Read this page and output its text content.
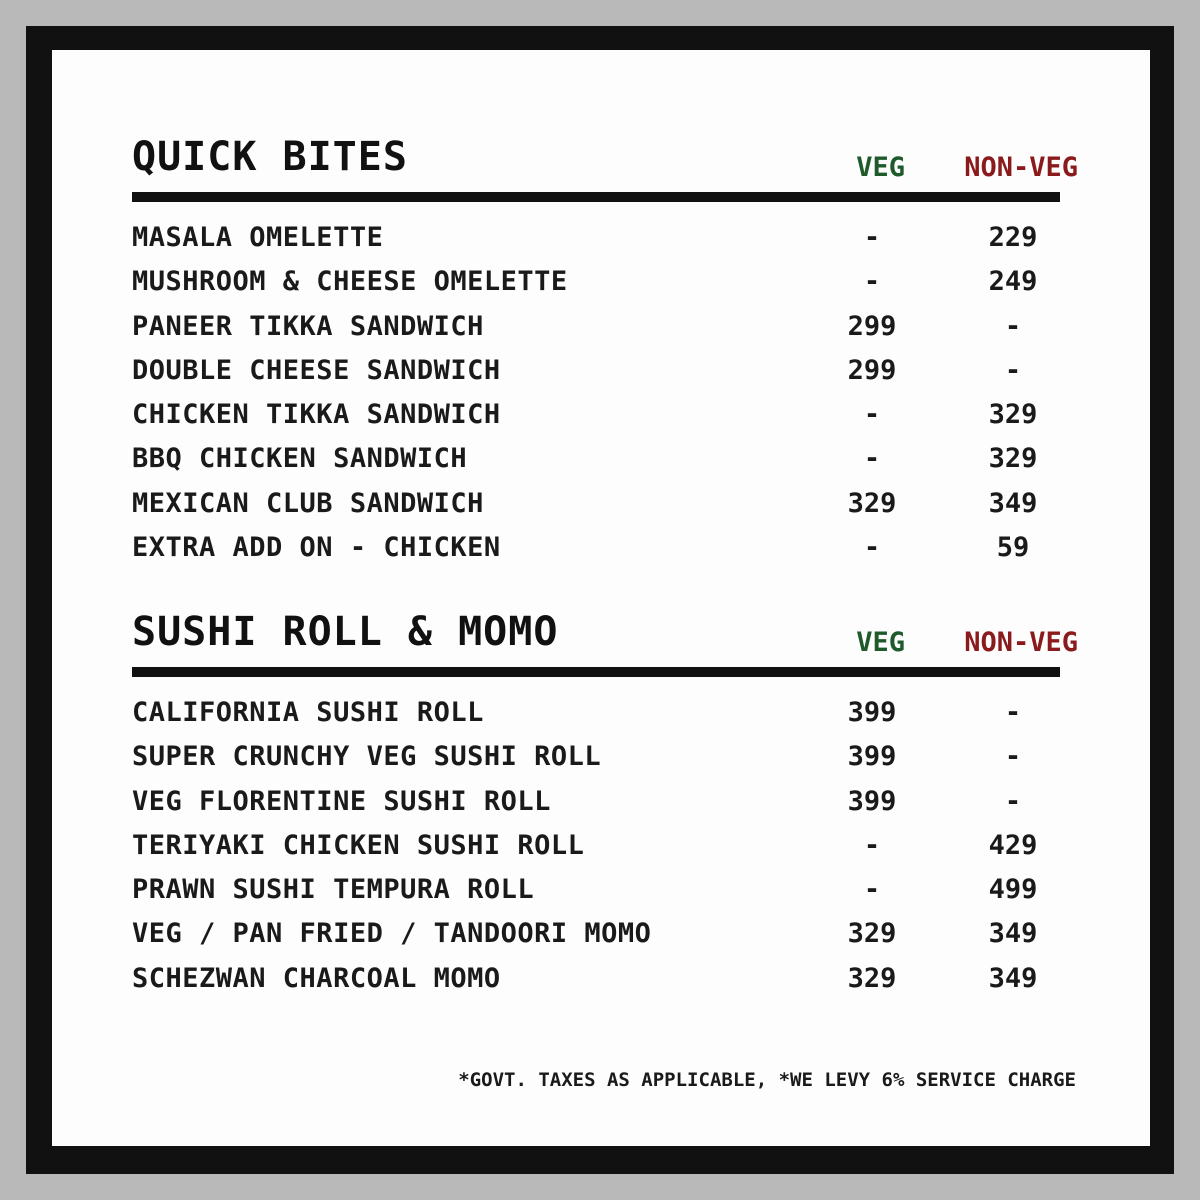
QUICK BITES	VEG	NON-VEG
MASALA OMELETTE	-	229
MUSHROOM & CHEESE OMELETTE	-	249
PANEER TIKKA SANDWICH	299	-
DOUBLE CHEESE SANDWICH	299	-
CHICKEN TIKKA SANDWICH	-	329
BBQ CHICKEN SANDWICH	-	329
MEXICAN CLUB SANDWICH	329	349
EXTRA ADD ON - CHICKEN	-	59
SUSHI ROLL & MOMO	VEG	NON-VEG
CALIFORNIA SUSHI ROLL	399	-
SUPER CRUNCHY VEG SUSHI ROLL	399	-
VEG FLORENTINE SUSHI ROLL	399	-
TERIYAKI CHICKEN SUSHI ROLL	-	429
PRAWN SUSHI TEMPURA ROLL	-	499
VEG / PAN FRIED / TANDOORI MOMO	329	349
SCHEZWAN CHARCOAL MOMO	329	349
*GOVT. TAXES AS APPLICABLE, *WE LEVY 6% SERVICE CHARGE
